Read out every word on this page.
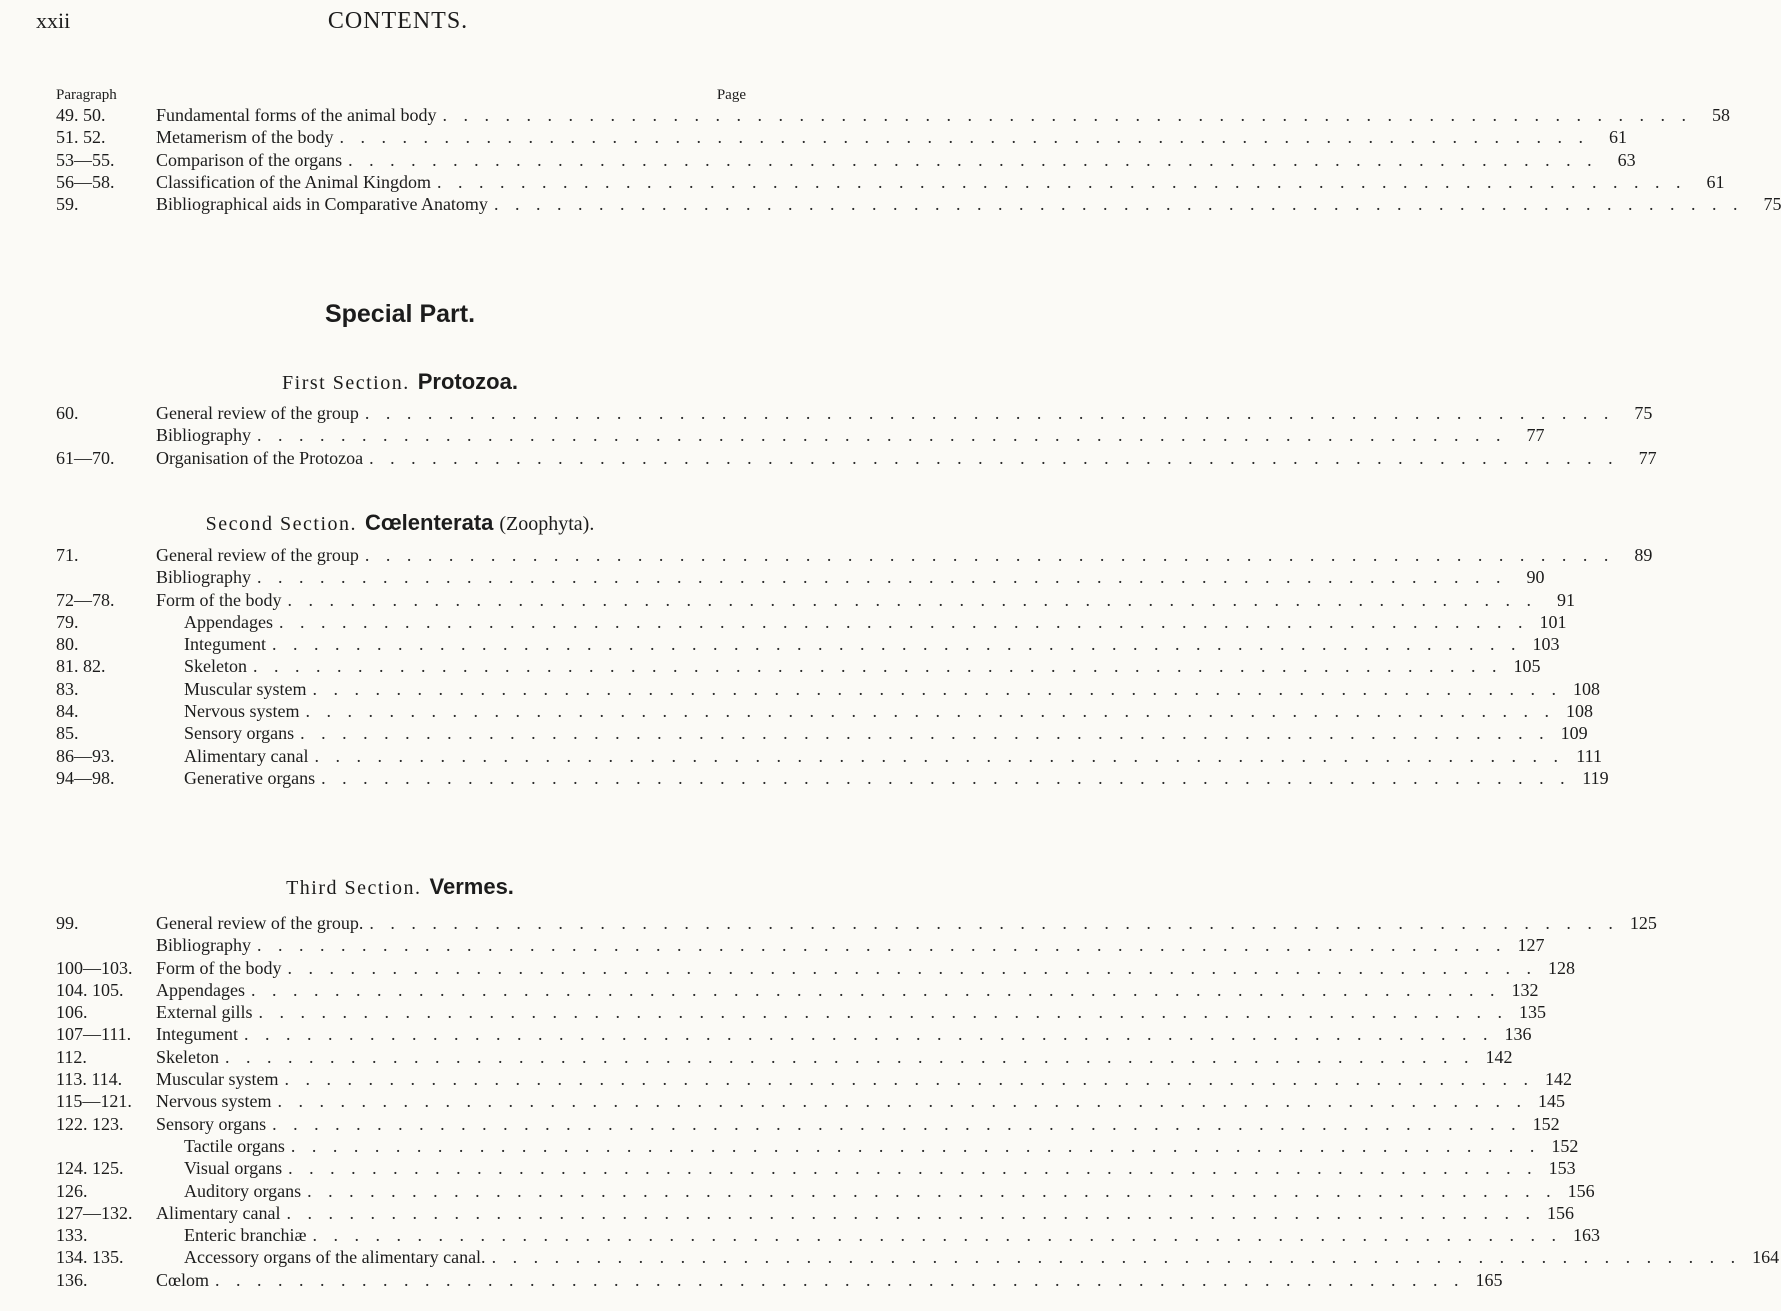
xxii	CONTENTS.
Paragraph	Page
49. 50.	Fundamental forms of the animal body . . . . . . . . . . . . . . . . . . . . . . . . . . . . . . . . . . . . . . . . . . . . . . . . . . . . . . . . . . . .	58
51. 52.	Metamerism of the body . . . . . . . . . . . . . . . . . . . . . . . . . . . . . . . . . . . . . . . . . . . . . . . . . . . . . . . . . . . .	61
53—55.	Comparison of the organs . . . . . . . . . . . . . . . . . . . . . . . . . . . . . . . . . . . . . . . . . . . . . . . . . . . . . . . . . . . .	63
56—58.	Classification of the Animal Kingdom . . . . . . . . . . . . . . . . . . . . . . . . . . . . . . . . . . . . . . . . . . . . . . . . . . . . . . . . . . . .	61
59.	Bibliographical aids in Comparative Anatomy . . . . . . . . . . . . . . . . . . . . . . . . . . . . . . . . . . . . . . . . . . . . . . . . . . . . . . . . . . . .	75
Special Part.
First Section. Protozoa.
60.	General review of the group . . . . . . . . . . . . . . . . . . . . . . . . . . . . . . . . . . . . . . . . . . . . . . . . . . . . . . . . . . . .	75
Bibliography . . . . . . . . . . . . . . . . . . . . . . . . . . . . . . . . . . . . . . . . . . . . . . . . . . . . . . . . . . . .	77
61—70.	Organisation of the Protozoa . . . . . . . . . . . . . . . . . . . . . . . . . . . . . . . . . . . . . . . . . . . . . . . . . . . . . . . . . . . .	77
Second Section. Cœlenterata (Zoophyta).
71.	General review of the group . . . . . . . . . . . . . . . . . . . . . . . . . . . . . . . . . . . . . . . . . . . . . . . . . . . . . . . . . . . .	89
Bibliography . . . . . . . . . . . . . . . . . . . . . . . . . . . . . . . . . . . . . . . . . . . . . . . . . . . . . . . . . . . .	90
72—78.	Form of the body . . . . . . . . . . . . . . . . . . . . . . . . . . . . . . . . . . . . . . . . . . . . . . . . . . . . . . . . . . . .	91
79.	Appendages . . . . . . . . . . . . . . . . . . . . . . . . . . . . . . . . . . . . . . . . . . . . . . . . . . . . . . . . . . . . 101
80.	Integument . . . . . . . . . . . . . . . . . . . . . . . . . . . . . . . . . . . . . . . . . . . . . . . . . . . . . . . . . . . . 103
81. 82.	Skeleton . . . . . . . . . . . . . . . . . . . . . . . . . . . . . . . . . . . . . . . . . . . . . . . . . . . . . . . . . . . . 105
83.	Muscular system . . . . . . . . . . . . . . . . . . . . . . . . . . . . . . . . . . . . . . . . . . . . . . . . . . . . . . . . . . . . 108
84.	Nervous system . . . . . . . . . . . . . . . . . . . . . . . . . . . . . . . . . . . . . . . . . . . . . . . . . . . . . . . . . . . . 108
85.	Sensory organs . . . . . . . . . . . . . . . . . . . . . . . . . . . . . . . . . . . . . . . . . . . . . . . . . . . . . . . . . . . . 109
86—93.	Alimentary canal . . . . . . . . . . . . . . . . . . . . . . . . . . . . . . . . . . . . . . . . . . . . . . . . . . . . . . . . . . . . 111
94—98.	Generative organs . . . . . . . . . . . . . . . . . . . . . . . . . . . . . . . . . . . . . . . . . . . . . . . . . . . . . . . . . . . . 119
Third Section. Vermes.
99.	General review of the group. . . . . . . . . . . . . . . . . . . . . . . . . . . . . . . . . . . . . . . . . . . . . . . . . . . . . . . . . . . . . 125
Bibliography . . . . . . . . . . . . . . . . . . . . . . . . . . . . . . . . . . . . . . . . . . . . . . . . . . . . . . . . . . . . 127
100—103.	Form of the body . . . . . . . . . . . . . . . . . . . . . . . . . . . . . . . . . . . . . . . . . . . . . . . . . . . . . . . . . . . . 128
104. 105.	Appendages . . . . . . . . . . . . . . . . . . . . . . . . . . . . . . . . . . . . . . . . . . . . . . . . . . . . . . . . . . . . 132
106.	External gills . . . . . . . . . . . . . . . . . . . . . . . . . . . . . . . . . . . . . . . . . . . . . . . . . . . . . . . . . . . . 135
107—111.	Integument . . . . . . . . . . . . . . . . . . . . . . . . . . . . . . . . . . . . . . . . . . . . . . . . . . . . . . . . . . . . 136
112.	Skeleton . . . . . . . . . . . . . . . . . . . . . . . . . . . . . . . . . . . . . . . . . . . . . . . . . . . . . . . . . . . . 142
113. 114.	Muscular system . . . . . . . . . . . . . . . . . . . . . . . . . . . . . . . . . . . . . . . . . . . . . . . . . . . . . . . . . . . . 142
115—121.	Nervous system . . . . . . . . . . . . . . . . . . . . . . . . . . . . . . . . . . . . . . . . . . . . . . . . . . . . . . . . . . . . 145
122. 123.	Sensory organs . . . . . . . . . . . . . . . . . . . . . . . . . . . . . . . . . . . . . . . . . . . . . . . . . . . . . . . . . . . . 152
Tactile organs . . . . . . . . . . . . . . . . . . . . . . . . . . . . . . . . . . . . . . . . . . . . . . . . . . . . . . . . . . . . 152
124. 125.	Visual organs . . . . . . . . . . . . . . . . . . . . . . . . . . . . . . . . . . . . . . . . . . . . . . . . . . . . . . . . . . . . 153
126.	Auditory organs . . . . . . . . . . . . . . . . . . . . . . . . . . . . . . . . . . . . . . . . . . . . . . . . . . . . . . . . . . . . 156
127—132.	Alimentary canal . . . . . . . . . . . . . . . . . . . . . . . . . . . . . . . . . . . . . . . . . . . . . . . . . . . . . . . . . . . . 156
133.	Enteric branchiæ . . . . . . . . . . . . . . . . . . . . . . . . . . . . . . . . . . . . . . . . . . . . . . . . . . . . . . . . . . . . 163
134. 135.	Accessory organs of the alimentary canal. . . . . . . . . . . . . . . . . . . . . . . . . . . . . . . . . . . . . . . . . . . . . . . . . . . . . . . . . . . . . 164
136.	Cœlom . . . . . . . . . . . . . . . . . . . . . . . . . . . . . . . . . . . . . . . . . . . . . . . . . . . . . . . . . . . . 165
